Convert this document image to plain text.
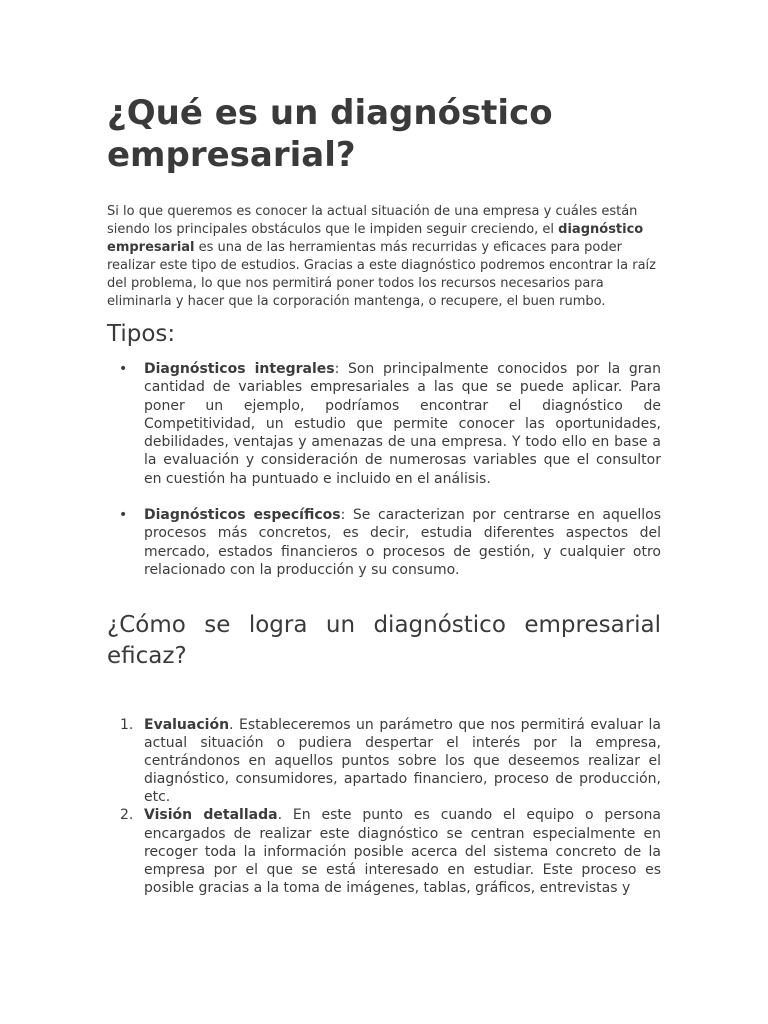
¿Qué es un diagnóstico empresarial?

Si lo que queremos es conocer la actual situación de una empresa y cuáles están siendo los principales obstáculos que le impiden seguir creciendo, el diagnóstico empresarial es una de las herramientas más recurridas y eficaces para poder realizar este tipo de estudios. Gracias a este diagnóstico podremos encontrar la raíz del problema, lo que nos permitirá poner todos los recursos necesarios para eliminarla y hacer que la corporación mantenga, o recupere, el buen rumbo.

Tipos:
• Diagnósticos integrales: Son principalmente conocidos por la gran cantidad de variables empresariales a las que se puede aplicar. Para poner un ejemplo, podríamos encontrar el diagnóstico de Competitividad, un estudio que permite conocer las oportunidades, debilidades, ventajas y amenazas de una empresa. Y todo ello en base a la evaluación y consideración de numerosas variables que el consultor en cuestión ha puntuado e incluido en el análisis.
• Diagnósticos específicos: Se caracterizan por centrarse en aquellos procesos más concretos, es decir, estudia diferentes aspectos del mercado, estados financieros o procesos de gestión, y cualquier otro relacionado con la producción y su consumo.
¿Cómo se logra un diagnóstico empresarial eficaz?
1. Evaluación. Estableceremos un parámetro que nos permitirá evaluar la actual situación o pudiera despertar el interés por la empresa, centrándonos en aquellos puntos sobre los que deseemos realizar el diagnóstico, consumidores, apartado financiero, proceso de producción, etc.
2. Visión detallada. En este punto es cuando el equipo o persona encargados de realizar este diagnóstico se centran especialmente en recoger toda la información posible acerca del sistema concreto de la empresa por el que se está interesado en estudiar. Este proceso es posible gracias a la toma de imágenes, tablas, gráficos, entrevistas y
